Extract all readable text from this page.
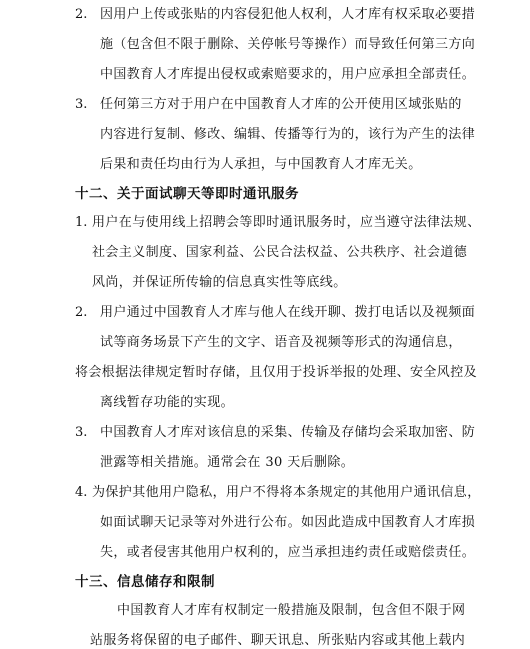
2. 因用户上传或张贴的内容侵犯他人权利，人才库有权采取必要措
施（包含但不限于删除、关停帐号等操作）而导致任何第三方向
中国教育人才库提出侵权或索赔要求的，用户应承担全部责任。
3. 任何第三方对于用户在中国教育人才库的公开使用区域张贴的
内容进行复制、修改、编辑、传播等行为的，该行为产生的法律
后果和责任均由行为人承担，与中国教育人才库无关。
十二、关于面试聊天等即时通讯服务
1. 用户在与使用线上招聘会等即时通讯服务时，应当遵守法律法规、
社会主义制度、国家利益、公民合法权益、公共秩序、社会道德
风尚，并保证所传输的信息真实性等底线。
2. 用户通过中国教育人才库与他人在线开聊、拨打电话以及视频面
试等商务场景下产生的文字、语音及视频等形式的沟通信息，
将会根据法律规定暂时存储，且仅用于投诉举报的处理、安全风控及
离线暂存功能的实现。
3. 中国教育人才库对该信息的采集、传输及存储均会采取加密、防
泄露等相关措施。通常会在 30 天后删除。
4. 为保护其他用户隐私，用户不得将本条规定的其他用户通讯信息，
如面试聊天记录等对外进行公布。如因此造成中国教育人才库损
失，或者侵害其他用户权利的，应当承担违约责任或赔偿责任。
十三、信息储存和限制
中国教育人才库有权制定一般措施及限制，包含但不限于网
站服务将保留的电子邮件、聊天讯息、所张贴内容或其他上载内
